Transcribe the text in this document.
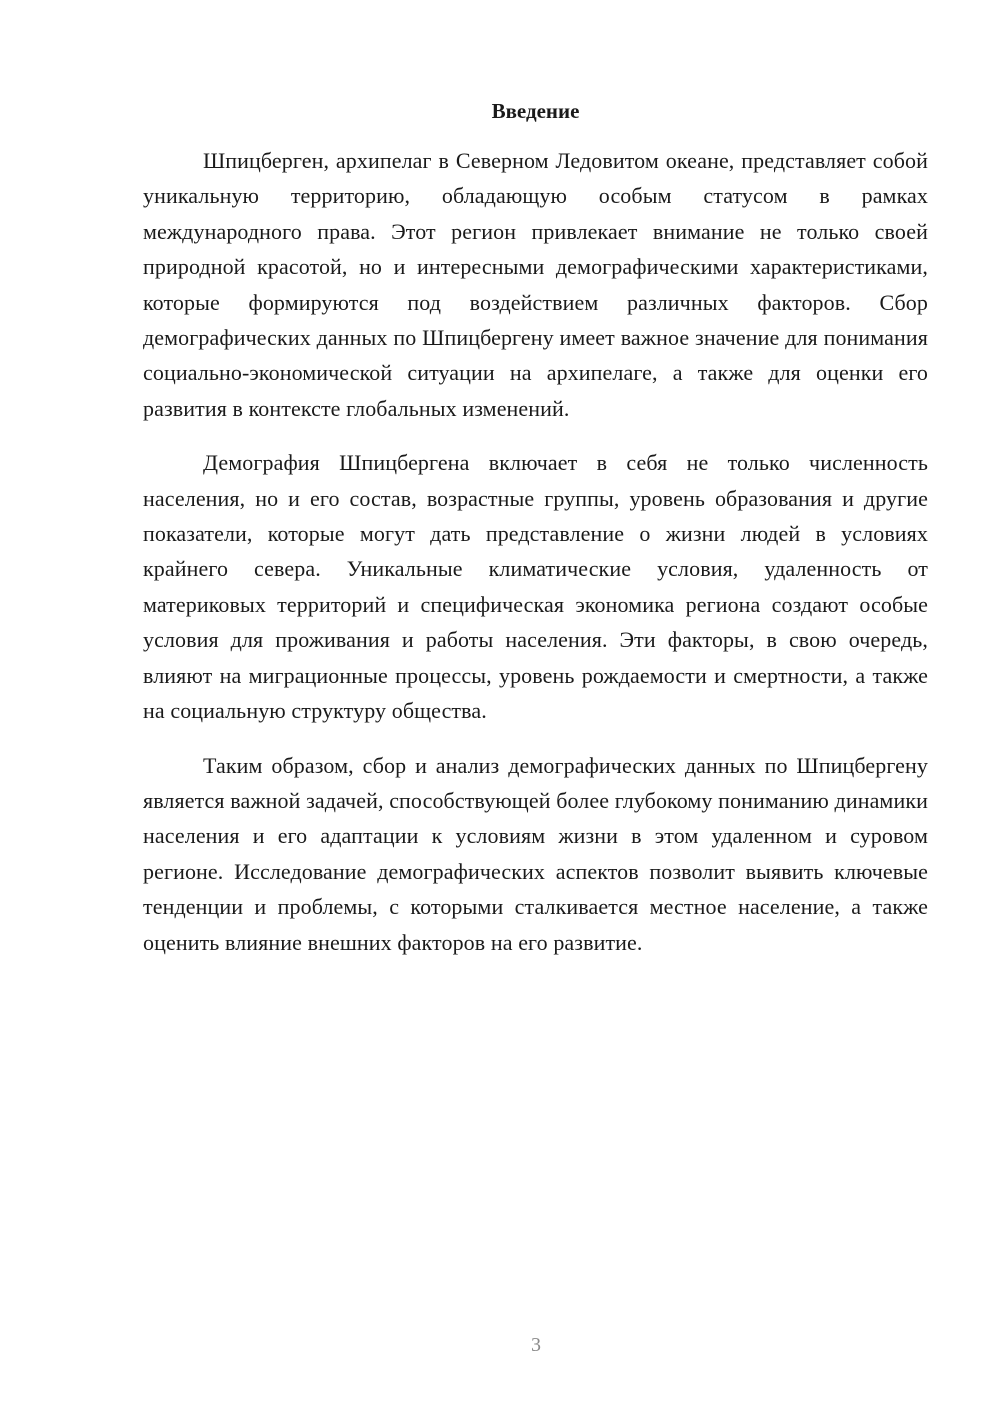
Введение

Шпицберген, архипелаг в Северном Ледовитом океане, представляет собой уникальную территорию, обладающую особым статусом в рамках международного права. Этот регион привлекает внимание не только своей природной красотой, но и интересными демографическими характеристиками, которые формируются под воздействием различных факторов. Сбор демографических данных по Шпицбергену имеет важное значение для понимания социально-экономической ситуации на архипелаге, а также для оценки его развития в контексте глобальных изменений.

Демография Шпицбергена включает в себя не только численность населения, но и его состав, возрастные группы, уровень образования и другие показатели, которые могут дать представление о жизни людей в условиях крайнего севера. Уникальные климатические условия, удаленность от материковых территорий и специфическая экономика региона создают особые условия для проживания и работы населения. Эти факторы, в свою очередь, влияют на миграционные процессы, уровень рождаемости и смертности, а также на социальную структуру общества.

Таким образом, сбор и анализ демографических данных по Шпицбергену является важной задачей, способствующей более глубокому пониманию динамики населения и его адаптации к условиям жизни в этом удаленном и суровом регионе. Исследование демографических аспектов позволит выявить ключевые тенденции и проблемы, с которыми сталкивается местное население, а также оценить влияние внешних факторов на его развитие.

3
